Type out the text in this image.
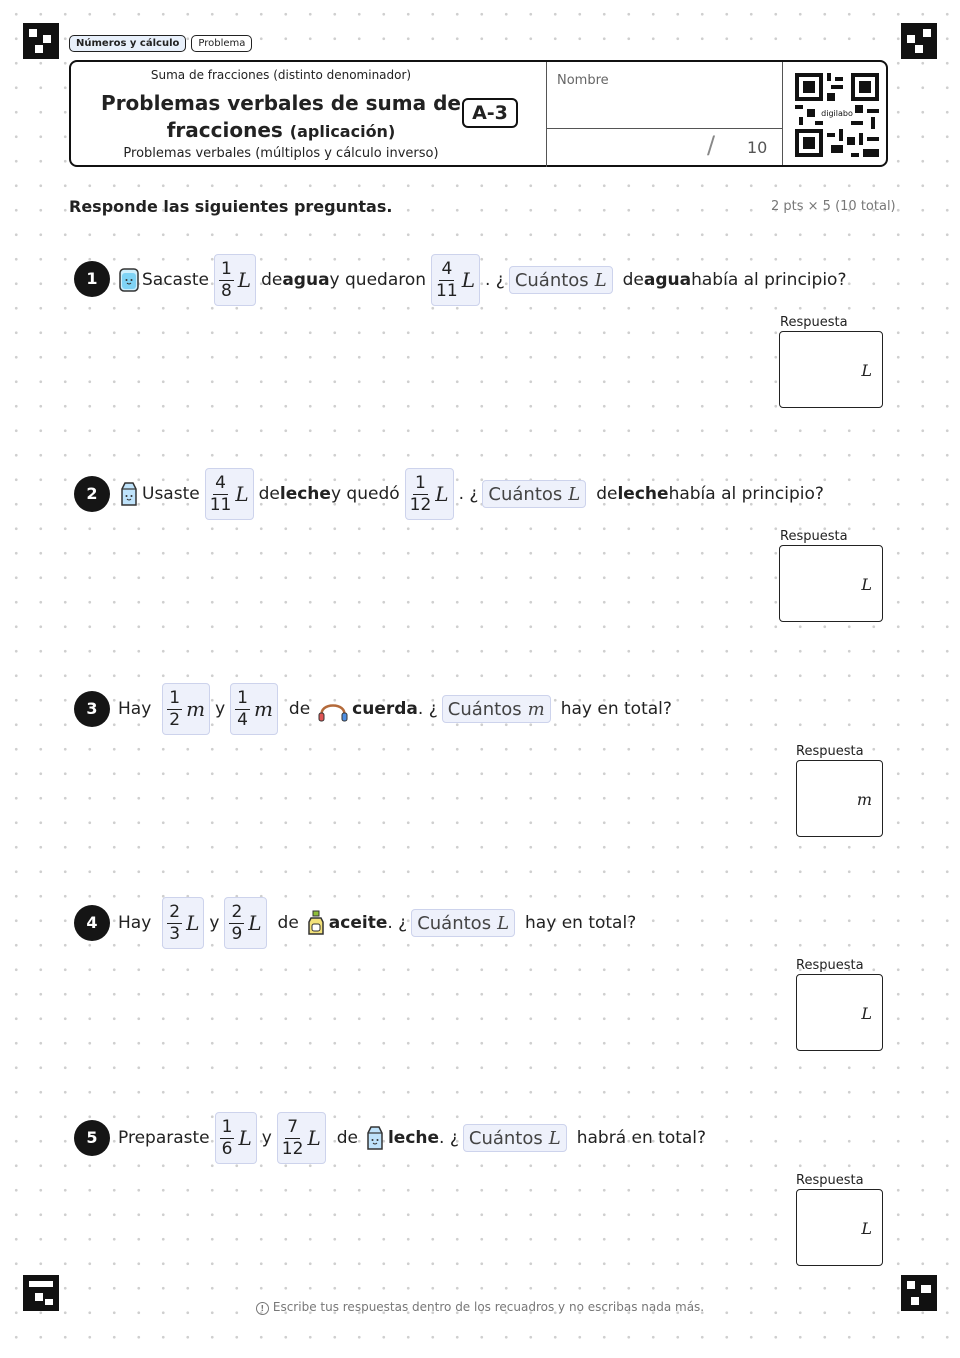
Números y cálculo	Problema
Suma de fracciones (distinto denominador)
Problemas verbales de suma de fracciones (aplicación)
A-3
Problemas verbales (múltiplos y cálculo inverso)
Nombre
/ 10
digilabo
Responde las siguientes preguntas.	2 pts × 5 (10 total)
1	Sacaste
1
8 L de agua y quedaron
4
11 L . ¿ Cuántos L de agua había al principio?
Respuesta
L
2	Usaste
4
11 L de leche y quedó
1
12 L . ¿ Cuántos L de leche había al principio?
Respuesta
L
3	Hay
1
2 m y
1
4 m de cuerda . ¿ Cuántos m hay en total?
Respuesta
m
4	Hay
2
3 L y
2
9 L de aceite . ¿ Cuántos L hay en total?
Respuesta
L
5	Preparaste
1
6 L y
7
12 L de leche . ¿ Cuántos L habrá en total?
Respuesta
L
! Escribe tus respuestas dentro de los recuadros y no escribas nada más.
